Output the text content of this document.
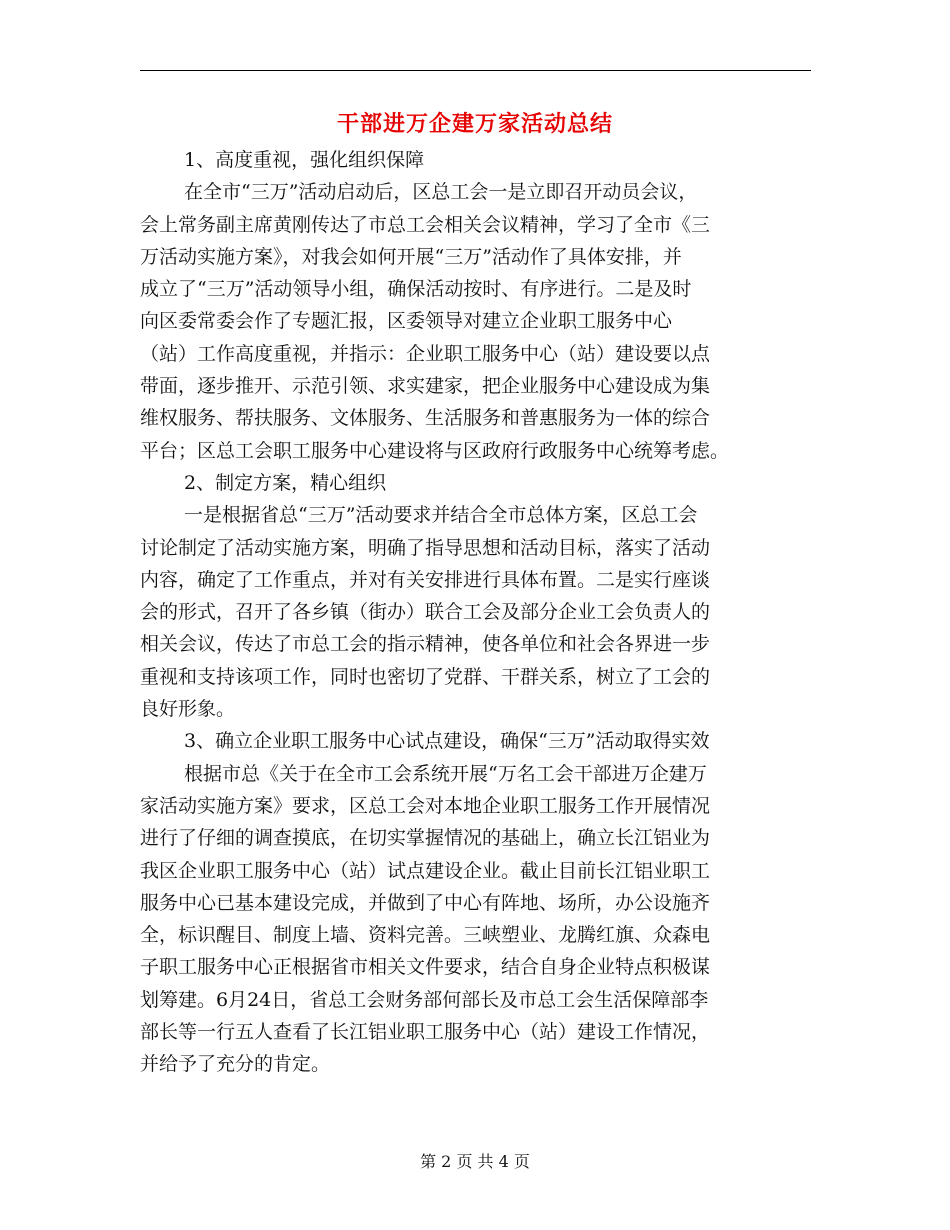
干部进万企建万家活动总结
1、高度重视，强化组织保障
在全市“三万”活动启动后，区总工会一是立即召开动员会议，
会上常务副主席黄刚传达了市总工会相关会议精神，学习了全市《三
万活动实施方案》，对我会如何开展“三万”活动作了具体安排，并
成立了“三万”活动领导小组，确保活动按时、有序进行。二是及时
向区委常委会作了专题汇报，区委领导对建立企业职工服务中心
（站）工作高度重视，并指示：企业职工服务中心（站）建设要以点
带面，逐步推开、示范引领、求实建家，把企业服务中心建设成为集
维权服务、帮扶服务、文体服务、生活服务和普惠服务为一体的综合
平台；区总工会职工服务中心建设将与区政府行政服务中心统筹考虑。
2、制定方案，精心组织
一是根据省总“三万”活动要求并结合全市总体方案，区总工会
讨论制定了活动实施方案，明确了指导思想和活动目标，落实了活动
内容，确定了工作重点，并对有关安排进行具体布置。二是实行座谈
会的形式，召开了各乡镇（街办）联合工会及部分企业工会负责人的
相关会议，传达了市总工会的指示精神，使各单位和社会各界进一步
重视和支持该项工作，同时也密切了党群、干群关系，树立了工会的
良好形象。
3、确立企业职工服务中心试点建设，确保“三万”活动取得实效
根据市总《关于在全市工会系统开展“万名工会干部进万企建万
家活动实施方案》要求，区总工会对本地企业职工服务工作开展情况
进行了仔细的调查摸底，在切实掌握情况的基础上，确立长江铝业为
我区企业职工服务中心（站）试点建设企业。截止目前长江铝业职工
服务中心已基本建设完成，并做到了中心有阵地、场所，办公设施齐
全，标识醒目、制度上墙、资料完善。三峡塑业、龙腾红旗、众森电
子职工服务中心正根据省市相关文件要求，结合自身企业特点积极谋
划筹建。6月24日，省总工会财务部何部长及市总工会生活保障部李
部长等一行五人查看了长江铝业职工服务中心（站）建设工作情况，
并给予了充分的肯定。
第 2 页 共 4 页
